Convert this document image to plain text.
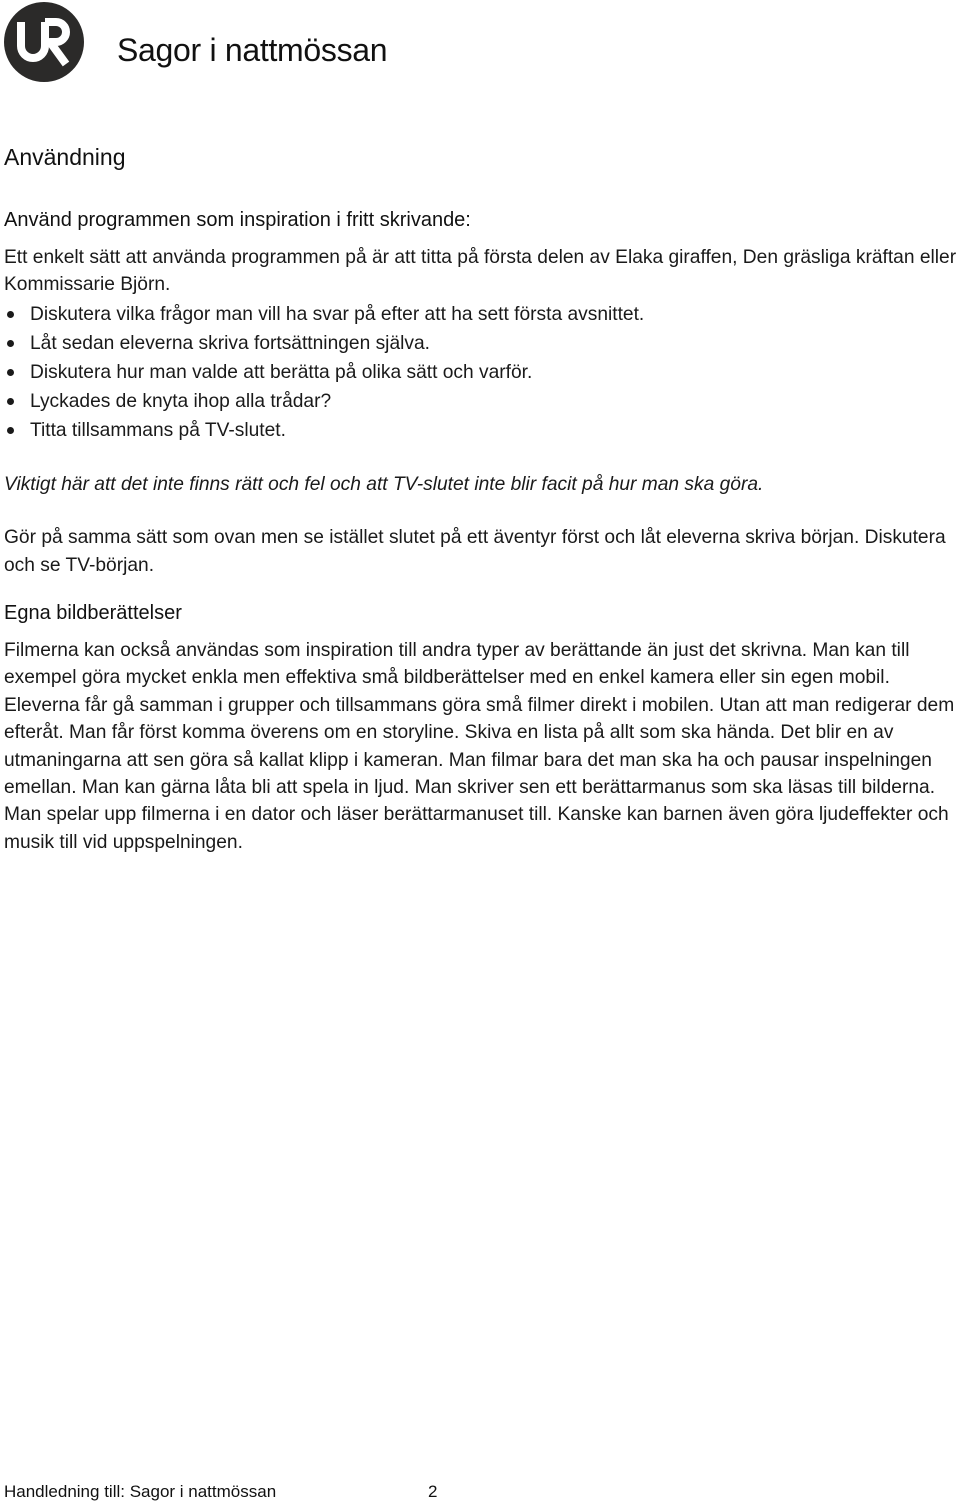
Sagor i nattmössan
Användning
Använd programmen som inspiration i fritt skrivande:

Ett enkelt sätt att använda programmen på är att titta på första delen av Elaka giraffen, Den gräsliga kräftan eller Kommissarie Björn.

Diskutera vilka frågor man vill ha svar på efter att ha sett första avsnittet.
Låt sedan eleverna skriva fortsättningen själva.
Diskutera hur man valde att berätta på olika sätt och varför.
Lyckades de knyta ihop alla trådar?
Titta tillsammans på TV-slutet.

Viktigt här att det inte finns rätt och fel och att TV-slutet inte blir facit på hur man ska göra.

Gör på samma sätt som ovan men se istället slutet på ett äventyr först och låt eleverna skriva början. Diskutera och se TV-början.

Egna bildberättelser

Filmerna kan också användas som inspiration till andra typer av berättande än just det skrivna. Man kan till exempel göra mycket enkla men effektiva små bildberättelser med en enkel kamera eller sin egen mobil. Eleverna får gå samman i grupper och tillsammans göra små filmer direkt i mobilen. Utan att man redigerar dem efteråt. Man får först komma överens om en storyline. Skiva en lista på allt som ska hända. Det blir en av utmaningarna att sen göra så kallat klipp i kameran. Man filmar bara det man ska ha och pausar inspelningen emellan. Man kan gärna låta bli att spela in ljud. Man skriver sen ett berättarmanus som ska läsas till bilderna. Man spelar upp filmerna i en dator och läser berättarmanuset till. Kanske kan barnen även göra ljudeffekter och musik till vid uppspelningen.

Handledning till: Sagor i nattmössan	2
